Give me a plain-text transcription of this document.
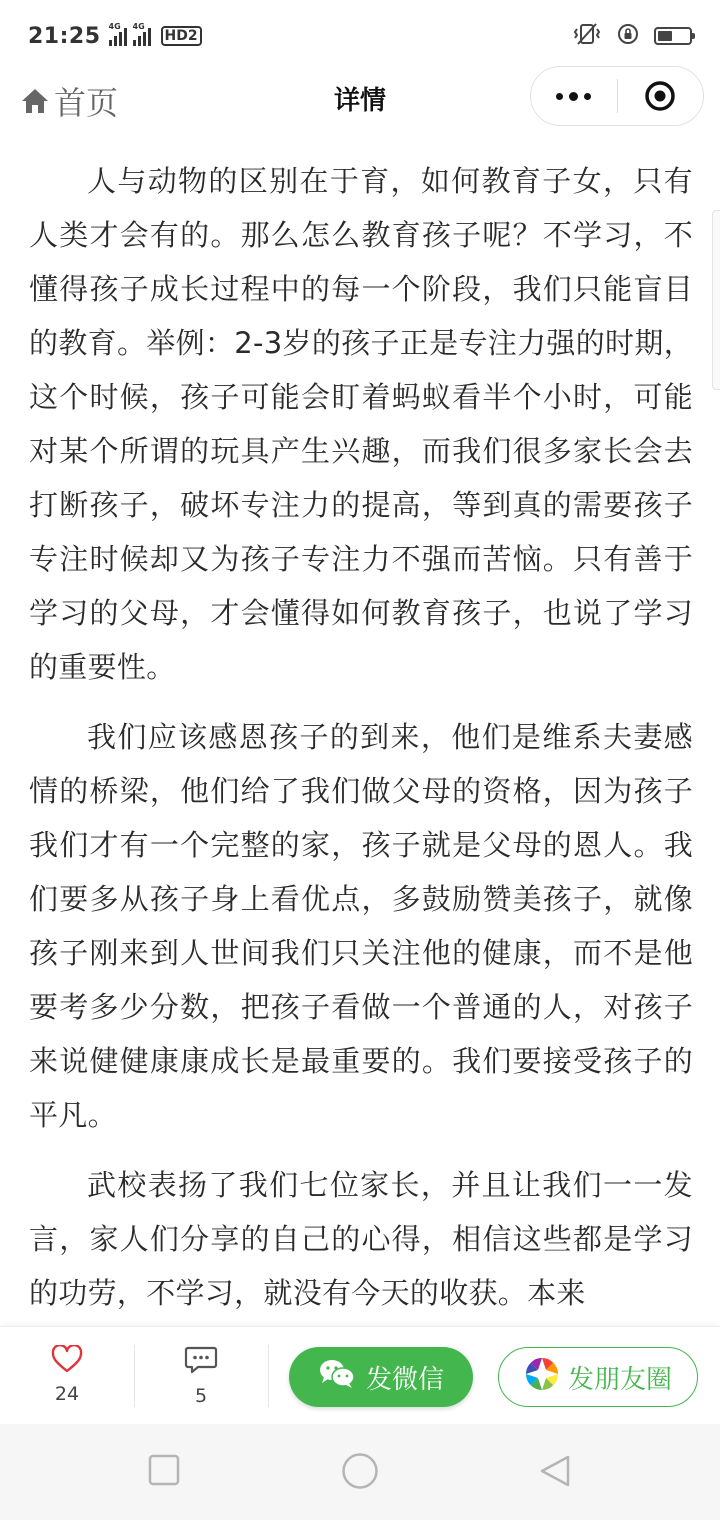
21:25 4G 4G
HD2
首页	详情

人与动物的区别在于育，如何教育子女，只有人类才会有的。那么怎么教育孩子呢？不学习，不懂得孩子成长过程中的每一个阶段，我们只能盲目的教育。举例：2-3岁的孩子正是专注力强的时期，这个时候，孩子可能会盯着蚂蚁看半个小时，可能对某个所谓的玩具产生兴趣，而我们很多家长会去打断孩子，破坏专注力的提高，等到真的需要孩子专注时候却又为孩子专注力不强而苦恼。只有善于学习的父母，才会懂得如何教育孩子，也说了学习的重要性。

我们应该感恩孩子的到来，他们是维系夫妻感情的桥梁，他们给了我们做父母的资格，因为孩子我们才有一个完整的家，孩子就是父母的恩人。我们要多从孩子身上看优点，多鼓励赞美孩子，就像孩子刚来到人世间我们只关注他的健康，而不是他要考多少分数，把孩子看做一个普通的人，对孩子来说健健康康成长是最重要的。我们要接受孩子的平凡。

武校表扬了我们七位家长，并且让我们一一发言，家人们分享的自己的心得，相信这些都是学习的功劳，不学习，就没有今天的收获。本来

24	5
发微信	发朋友圈
